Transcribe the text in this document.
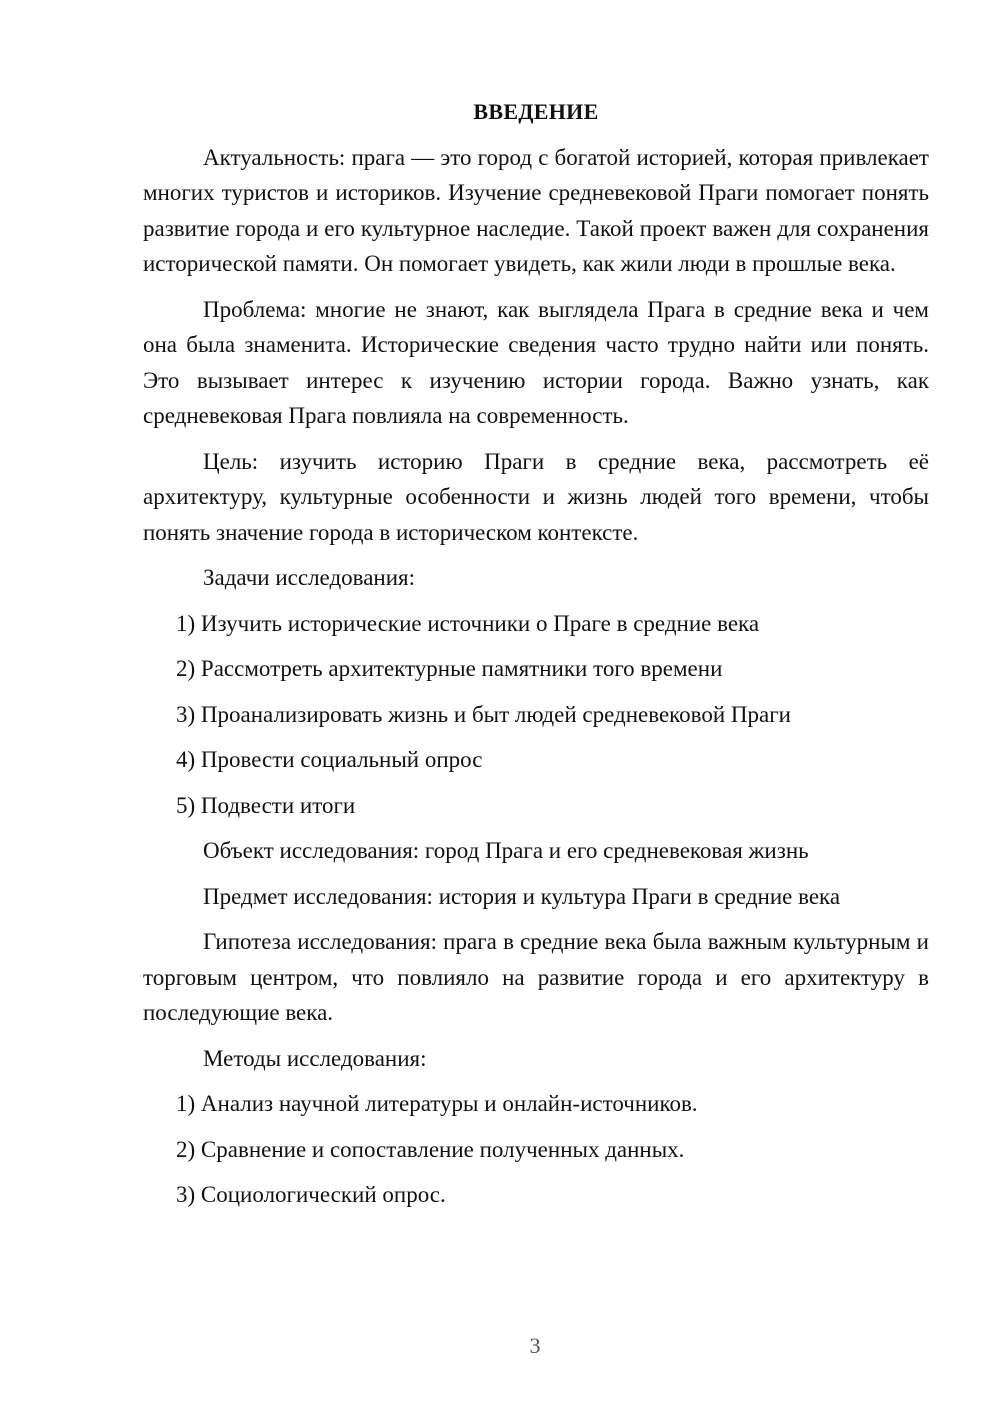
ВВЕДЕНИЕ
Актуальность: прага — это город с богатой историей, которая привлекает многих туристов и историков. Изучение средневековой Праги помогает понять развитие города и его культурное наследие. Такой проект важен для сохранения исторической памяти. Он помогает увидеть, как жили люди в прошлые века.
Проблема: многие не знают, как выглядела Прага в средние века и чем она была знаменита. Исторические сведения часто трудно найти или понять. Это вызывает интерес к изучению истории города. Важно узнать, как средневековая Прага повлияла на современность.
Цель: изучить историю Праги в средние века, рассмотреть её архитектуру, культурные особенности и жизнь людей того времени, чтобы понять значение города в историческом контексте.
Задачи исследования:
1) Изучить исторические источники о Праге в средние века
2) Рассмотреть архитектурные памятники того времени
3) Проанализировать жизнь и быт людей средневековой Праги
4) Провести социальный опрос
5) Подвести итоги
Объект исследования: город Прага и его средневековая жизнь
Предмет исследования: история и культура Праги в средние века
Гипотеза исследования: прага в средние века была важным культурным и торговым центром, что повлияло на развитие города и его архитектуру в последующие века.
Методы исследования:
1) Анализ научной литературы и онлайн-источников.
2) Сравнение и сопоставление полученных данных.
3) Социологический опрос.
3
